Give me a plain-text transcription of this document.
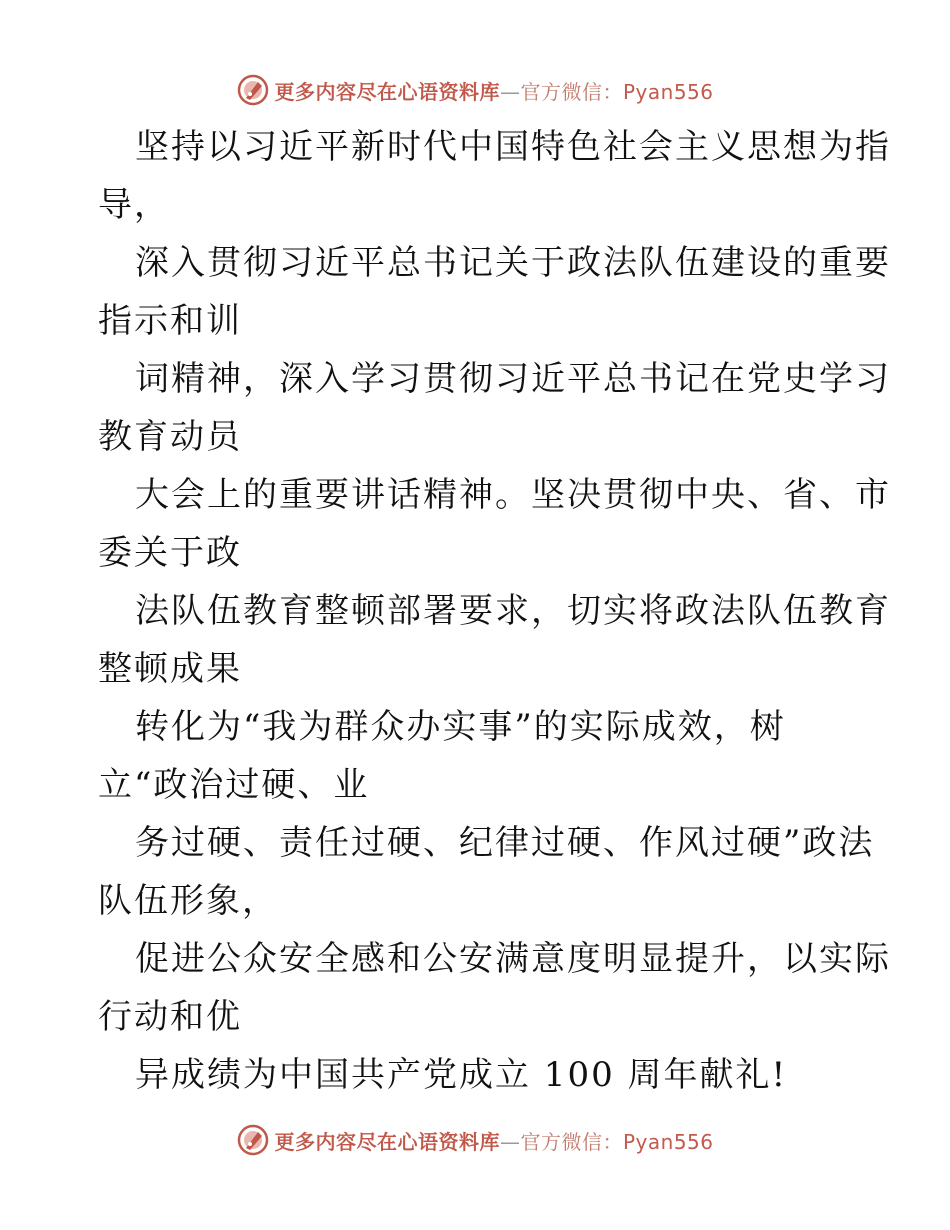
更多内容尽在心语资料库—官方微信：Pyan556

坚持以习近平新时代中国特色社会主义思想为指
导，

深入贯彻习近平总书记关于政法队伍建设的重要
指示和训

词精神，深入学习贯彻习近平总书记在党史学习
教育动员

大会上的重要讲话精神。坚决贯彻中央、省、市
委关于政

法队伍教育整顿部署要求，切实将政法队伍教育
整顿成果

转化为“我为群众办实事”的实际成效，树
立“政治过硬、业

务过硬、责任过硬、纪律过硬、作风过硬”政法
队伍形象，

促进公众安全感和公安满意度明显提升，以实际
行动和优

异成绩为中国共产党成立 100 周年献礼!

更多内容尽在心语资料库—官方微信：Pyan556
